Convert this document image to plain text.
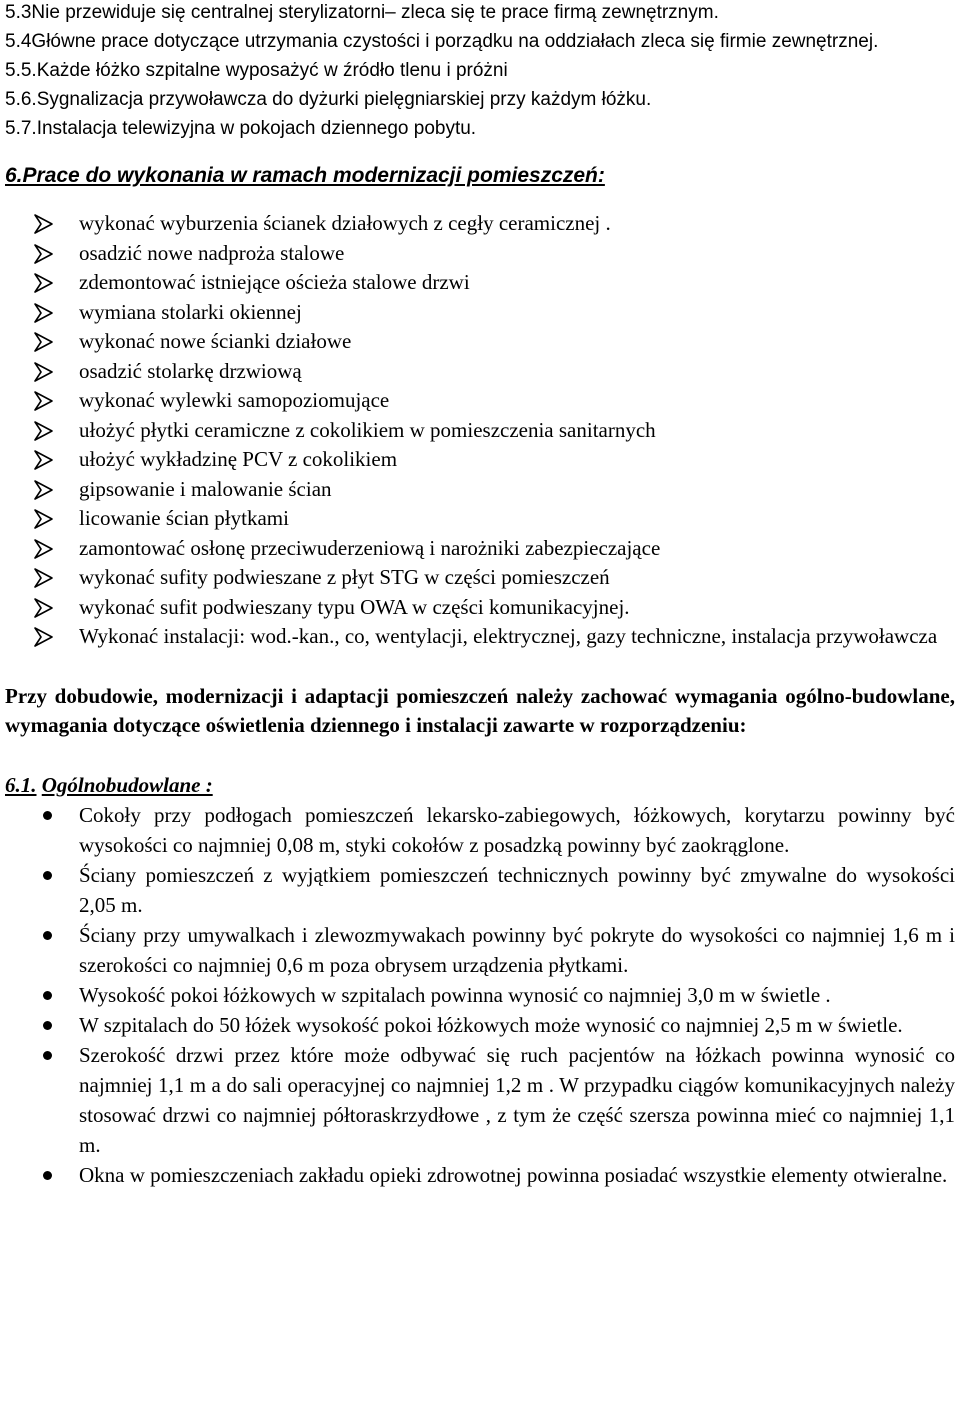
5.3Nie przewiduje się centralnej sterylizatorni– zleca się te prace firmą zewnętrznym.

5.4Główne prace dotyczące utrzymania czystości i porządku na oddziałach zleca się firmie zewnętrznej.

5.5.Każde łóżko szpitalne wyposażyć w źródło tlenu i próżni

5.6.Sygnalizacja przywoławcza do dyżurki pielęgniarskiej przy każdym łóżku.

5.7.Instalacja telewizyjna w pokojach dziennego pobytu.

6.Prace do wykonania w ramach modernizacji pomieszczeń:

wykonać wyburzenia ścianek działowych z cegły ceramicznej .
osadzić nowe nadproża stalowe
zdemontować istniejące ościeża stalowe drzwi
wymiana stolarki okiennej
wykonać nowe ścianki działowe
osadzić stolarkę drzwiową
wykonać wylewki samopoziomujące
ułożyć płytki ceramiczne z cokolikiem w pomieszczenia sanitarnych
ułożyć wykładzinę PCV z cokolikiem
gipsowanie i malowanie ścian
licowanie ścian płytkami
zamontować osłonę przeciwuderzeniową i narożniki zabezpieczające
wykonać sufity podwieszane z płyt STG w części pomieszczeń
wykonać sufit podwieszany typu OWA w części komunikacyjnej.
Wykonać instalacji: wod.-kan., co, wentylacji, elektrycznej, gazy techniczne, instalacja przywoławcza

Przy dobudowie, modernizacji i adaptacji pomieszczeń należy zachować wymagania ogólno-budowlane, wymagania dotyczące oświetlenia dziennego i instalacji zawarte w rozporządzeniu:

6.1. Ogólnobudowlane :

Cokoły przy podłogach pomieszczeń lekarsko-zabiegowych, łóżkowych, korytarzu powinny być wysokości co najmniej 0,08 m, styki cokołów z posadzką powinny być zaokrąglone.
Ściany pomieszczeń z wyjątkiem pomieszczeń technicznych powinny być zmywalne do wysokości 2,05 m.
Ściany przy umywalkach i zlewozmywakach powinny być pokryte do wysokości co najmniej 1,6 m i szerokości co najmniej 0,6 m poza obrysem urządzenia płytkami.
Wysokość pokoi łóżkowych w szpitalach powinna wynosić co najmniej 3,0 m w świetle .
W szpitalach do 50 łóżek wysokość pokoi łóżkowych może wynosić co najmniej 2,5 m w świetle.
Szerokość drzwi przez które może odbywać się ruch pacjentów na łóżkach powinna wynosić co najmniej 1,1 m a do sali operacyjnej co najmniej 1,2 m . W przypadku ciągów komunikacyjnych należy stosować drzwi co najmniej półtoraskrzydłowe , z tym że część szersza powinna mieć co najmniej 1,1 m.
Okna w pomieszczeniach zakładu opieki zdrowotnej powinna posiadać wszystkie elementy otwieralne.
